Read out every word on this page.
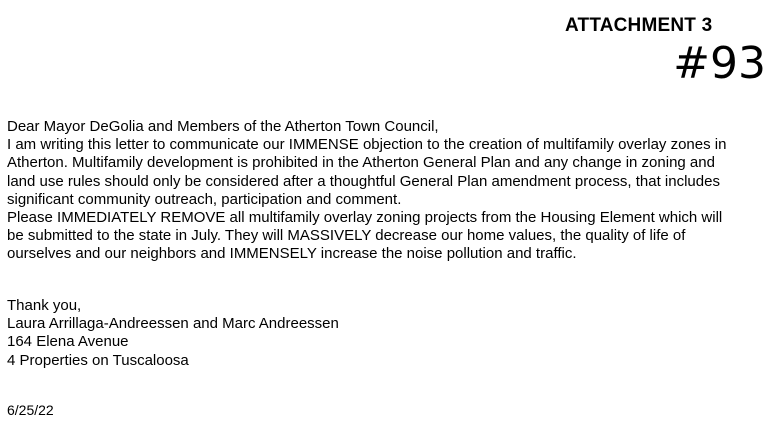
ATTACHMENT 3
#93
Dear Mayor DeGolia and Members of the Atherton Town Council,
I am writing this letter to communicate our IMMENSE objection to the creation of multifamily overlay zones in
Atherton. Multifamily development is prohibited in the Atherton General Plan and any change in zoning and
land use rules should only be considered after a thoughtful General Plan amendment process, that includes
significant community outreach, participation and comment.
Please IMMEDIATELY REMOVE all multifamily overlay zoning projects from the Housing Element which will
be submitted to the state in July. They will MASSIVELY decrease our home values, the quality of life of
ourselves and our neighbors and IMMENSELY increase the noise pollution and traffic.
Thank you,
Laura Arrillaga-Andreessen and Marc Andreessen
164 Elena Avenue
4 Properties on Tuscaloosa
6/25/22
